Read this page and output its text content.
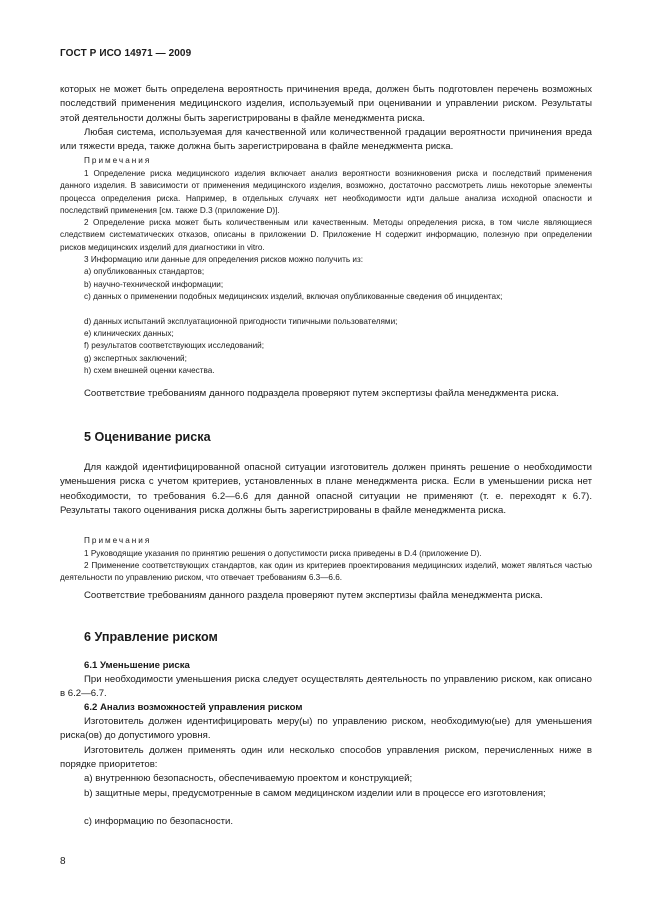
ГОСТ Р ИСО 14971 — 2009

которых не может быть определена вероятность причинения вреда, должен быть подготовлен перечень возможных последствий применения медицинского изделия, используемый при оценивании и управлении риском. Результаты этой деятельности должны быть зарегистрированы в файле менеджмента риска.

Любая система, используемая для качественной или количественной градации вероятности причинения вреда или тяжести вреда, также должна быть зарегистрирована в файле менеджмента риска.

Примечания

1 Определение риска медицинского изделия включает анализ вероятности возникновения риска и последствий применения данного изделия. В зависимости от применения медицинского изделия, возможно, достаточно рассмотреть лишь некоторые элементы процесса определения риска. Например, в отдельных случаях нет необходимости идти дальше анализа исходной опасности и последствий применения [см. также D.3 (приложение D)].

2 Определение риска может быть количественным или качественным. Методы определения риска, в том числе являющиеся следствием систематических отказов, описаны в приложении D. Приложение H содержит информацию, полезную при определении рисков медицинских изделий для диагностики in vitro.

3 Информацию или данные для определения рисков можно получить из:

a) опубликованных стандартов;

b) научно-технической информации;

c) данных о применении подобных медицинских изделий, включая опубликованные сведения об инцидентах;

d) данных испытаний эксплуатационной пригодности типичными пользователями;

e) клинических данных;

f) результатов соответствующих исследований;

g) экспертных заключений;

h) схем внешней оценки качества.

Соответствие требованиям данного подраздела проверяют путем экспертизы файла менеджмента риска.

5 Оценивание риска

Для каждой идентифицированной опасной ситуации изготовитель должен принять решение о необходимости уменьшения риска с учетом критериев, установленных в плане менеджмента риска. Если в уменьшении риска нет необходимости, то требования 6.2—6.6 для данной опасной ситуации не применяют (т. е. переходят к 6.7). Результаты такого оценивания риска должны быть зарегистрированы в файле менеджмента риска.

Примечания

1 Руководящие указания по принятию решения о допустимости риска приведены в D.4 (приложение D).

2 Применение соответствующих стандартов, как один из критериев проектирования медицинских изделий, может являться частью деятельности по управлению риском, что отвечает требованиям 6.3—6.6.

Соответствие требованиям данного раздела проверяют путем экспертизы файла менеджмента риска.

6 Управление риском
6.1 Уменьшение риска

При необходимости уменьшения риска следует осуществлять деятельность по управлению риском, как описано в 6.2—6.7.

6.2 Анализ возможностей управления риском

Изготовитель должен идентифицировать меру(ы) по управлению риском, необходимую(ые) для уменьшения риска(ов) до допустимого уровня.

Изготовитель должен применять один или несколько способов управления риском, перечисленных ниже в порядке приоритетов:

a) внутреннюю безопасность, обеспечиваемую проектом и конструкцией;

b) защитные меры, предусмотренные в самом медицинском изделии или в процессе его изготовления;

c) информацию по безопасности.

8
